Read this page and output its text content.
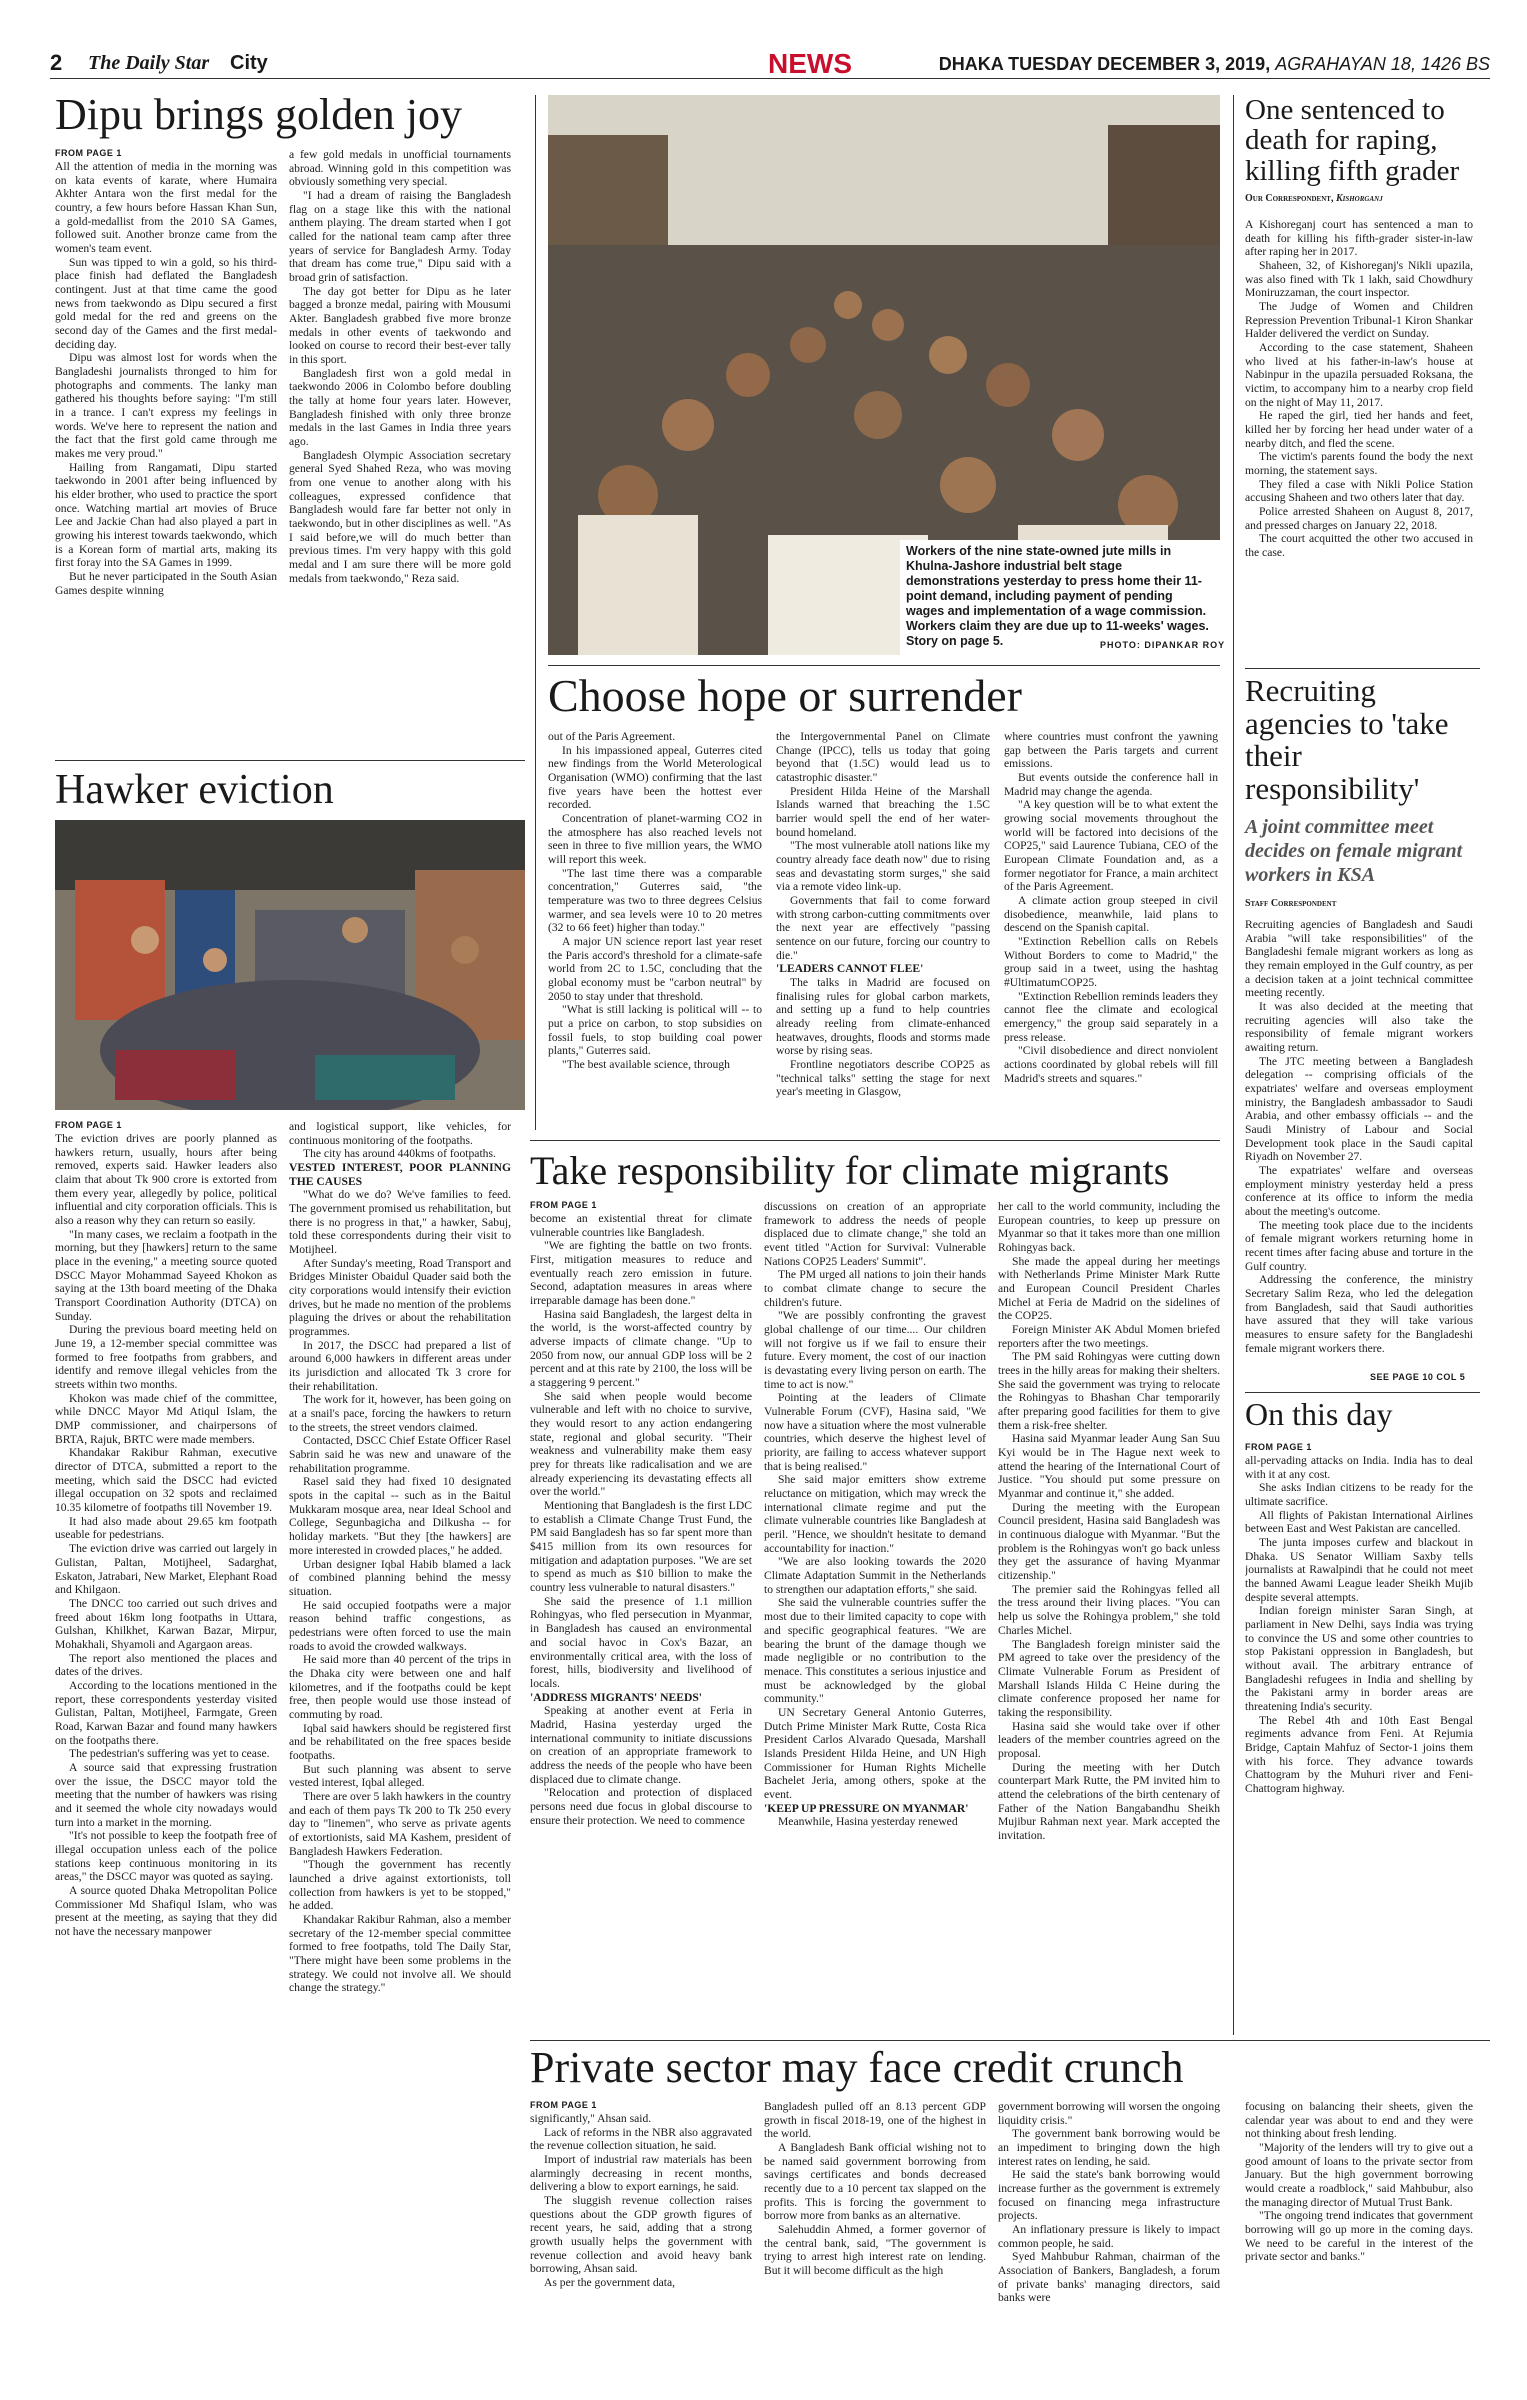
2 The Daily Star City	NEWS	DHAKA TUESDAY DECEMBER 3, 2019, AGRAHAYAN 18, 1426 BS
Dipu brings golden joy
FROM PAGE 1

All the attention of media in the morning was on kata events of karate, where Humaira Akhter Antara won the first medal for the country, a few hours before Hassan Khan Sun, a gold-medallist from the 2010 SA Games, followed suit. Another bronze came from the women's team event.

Sun was tipped to win a gold, so his third-place finish had deflated the Bangladesh contingent. Just at that time came the good news from taekwondo as Dipu secured a first gold medal for the red and greens on the second day of the Games and the first medal-deciding day.

Dipu was almost lost for words when the Bangladeshi journalists thronged to him for photographs and comments. The lanky man gathered his thoughts before saying: "I'm still in a trance. I can't express my feelings in words. We've here to represent the nation and the fact that the first gold came through me makes me very proud."

Hailing from Rangamati, Dipu started taekwondo in 2001 after being influenced by his elder brother, who used to practice the sport once. Watching martial art movies of Bruce Lee and Jackie Chan had also played a part in growing his interest towards taekwondo, which is a Korean form of martial arts, making its first foray into the SA Games in 1999.

But he never participated in the South Asian Games despite winning

a few gold medals in unofficial tournaments abroad. Winning gold in this competition was obviously something very special.

"I had a dream of raising the Bangladesh flag on a stage like this with the national anthem playing. The dream started when I got called for the national team camp after three years of service for Bangladesh Army. Today that dream has come true," Dipu said with a broad grin of satisfaction.

The day got better for Dipu as he later bagged a bronze medal, pairing with Mousumi Akter. Bangladesh grabbed five more bronze medals in other events of taekwondo and looked on course to record their best-ever tally in this sport.

Bangladesh first won a gold medal in taekwondo 2006 in Colombo before doubling the tally at home four years later. However, Bangladesh finished with only three bronze medals in the last Games in India three years ago.

Bangladesh Olympic Association secretary general Syed Shahed Reza, who was moving from one venue to another along with his colleagues, expressed confidence that Bangladesh would fare far better not only in taekwondo, but in other disciplines as well. "As I said before,we will do much better than previous times. I'm very happy with this gold medal and I am sure there will be more gold medals from taekwondo," Reza said.

Hawker eviction
FROM PAGE 1

The eviction drives are poorly planned as hawkers return, usually, hours after being removed, experts said. Hawker leaders also claim that about Tk 900 crore is extorted from them every year, allegedly by police, political influential and city corporation officials. This is also a reason why they can return so easily.

"In many cases, we reclaim a footpath in the morning, but they [hawkers] return to the same place in the evening," a meeting source quoted DSCC Mayor Mohammad Sayeed Khokon as saying at the 13th board meeting of the Dhaka Transport Coordination Authority (DTCA) on Sunday.

During the previous board meeting held on June 19, a 12-member special committee was formed to free footpaths from grabbers, and identify and remove illegal vehicles from the streets within two months.

Khokon was made chief of the committee, while DNCC Mayor Md Atiqul Islam, the DMP commissioner, and chairpersons of BRTA, Rajuk, BRTC were made members.

Khandakar Rakibur Rahman, executive director of DTCA, submitted a report to the meeting, which said the DSCC had evicted illegal occupation on 32 spots and reclaimed 10.35 kilometre of footpaths till November 19.

It had also made about 29.65 km footpath useable for pedestrians.

The eviction drive was carried out largely in Gulistan, Paltan, Motijheel, Sadarghat, Eskaton, Jatrabari, New Market, Elephant Road and Khilgaon.

The DNCC too carried out such drives and freed about 16km long footpaths in Uttara, Gulshan, Khilkhet, Karwan Bazar, Mirpur, Mohakhali, Shyamoli and Agargaon areas.

The report also mentioned the places and dates of the drives.

According to the locations mentioned in the report, these correspondents yesterday visited Gulistan, Paltan, Motijheel, Farmgate, Green Road, Karwan Bazar and found many hawkers on the footpaths there.

The pedestrian's suffering was yet to cease.

A source said that expressing frustration over the issue, the DSCC mayor told the meeting that the number of hawkers was rising and it seemed the whole city nowadays would turn into a market in the morning.

"It's not possible to keep the footpath free of illegal occupation unless each of the police stations keep continuous monitoring in its areas," the DSCC mayor was quoted as saying.

A source quoted Dhaka Metropolitan Police Commissioner Md Shafiqul Islam, who was present at the meeting, as saying that they did not have the necessary manpower

and logistical support, like vehicles, for continuous monitoring of the footpaths.

The city has around 440kms of footpaths.

VESTED INTEREST, POOR PLANNING THE CAUSES

"What do we do? We've families to feed. The government promised us rehabilitation, but there is no progress in that," a hawker, Sabuj, told these correspondents during their visit to Motijheel.

After Sunday's meeting, Road Transport and Bridges Minister Obaidul Quader said both the city corporations would intensify their eviction drives, but he made no mention of the problems plaguing the drives or about the rehabilitation programmes.

In 2017, the DSCC had prepared a list of around 6,000 hawkers in different areas under its jurisdiction and allocated Tk 3 crore for their rehabilitation.

The work for it, however, has been going on at a snail's pace, forcing the hawkers to return to the streets, the street vendors claimed.

Contacted, DSCC Chief Estate Officer Rasel Sabrin said he was new and unaware of the rehabilitation programme.

Rasel said they had fixed 10 designated spots in the capital -- such as in the Baitul Mukkaram mosque area, near Ideal School and College, Segunbagicha and Dilkusha -- for holiday markets. "But they [the hawkers] are more interested in crowded places," he added.

Urban designer Iqbal Habib blamed a lack of combined planning behind the messy situation.

He said occupied footpaths were a major reason behind traffic congestions, as pedestrians were often forced to use the main roads to avoid the crowded walkways.

He said more than 40 percent of the trips in the Dhaka city were between one and half kilometres, and if the footpaths could be kept free, then people would use those instead of commuting by road.

Iqbal said hawkers should be registered first and be rehabilitated on the free spaces beside footpaths.

But such planning was absent to serve vested interest, Iqbal alleged.

There are over 5 lakh hawkers in the country and each of them pays Tk 200 to Tk 250 every day to "linemen", who serve as private agents of extortionists, said MA Kashem, president of Bangladesh Hawkers Federation.

"Though the government has recently launched a drive against extortionists, toll collection from hawkers is yet to be stopped," he added.

Khandakar Rakibur Rahman, also a member secretary of the 12-member special committee formed to free footpaths, told The Daily Star, "There might have been some problems in the strategy. We could not involve all. We should change the strategy."

Workers of the nine state-owned jute mills in Khulna-Jashore industrial belt stage demonstrations yesterday to press home their 11-point demand, including payment of pending wages and implementation of a wage commission. Workers claim they are due up to 11-weeks' wages. Story on page 5.	PHOTO: DIPANKAR ROY
Choose hope or surrender

out of the Paris Agreement.

In his impassioned appeal, Guterres cited new findings from the World Meterological Organisation (WMO) confirming that the last five years have been the hottest ever recorded.

Concentration of planet-warming CO2 in the atmosphere has also reached levels not seen in three to five million years, the WMO will report this week.

"The last time there was a comparable concentration," Guterres said, "the temperature was two to three degrees Celsius warmer, and sea levels were 10 to 20 metres (32 to 66 feet) higher than today."

A major UN science report last year reset the Paris accord's threshold for a climate-safe world from 2C to 1.5C, concluding that the global economy must be "carbon neutral" by 2050 to stay under that threshold.

"What is still lacking is political will -- to put a price on carbon, to stop subsidies on fossil fuels, to stop building coal power plants," Guterres said.

"The best available science, through

the Intergovernmental Panel on Climate Change (IPCC), tells us today that going beyond that (1.5C) would lead us to catastrophic disaster."

President Hilda Heine of the Marshall Islands warned that breaching the 1.5C barrier would spell the end of her water-bound homeland.

"The most vulnerable atoll nations like my country already face death now" due to rising seas and devastating storm surges," she said via a remote video link-up.

Governments that fail to come forward with strong carbon-cutting commitments over the next year are effectively "passing sentence on our future, forcing our country to die."

'LEADERS CANNOT FLEE'

The talks in Madrid are focused on finalising rules for global carbon markets, and setting up a fund to help countries already reeling from climate-enhanced heatwaves, droughts, floods and storms made worse by rising seas.

Frontline negotiators describe COP25 as "technical talks" setting the stage for next year's meeting in Glasgow,

where countries must confront the yawning gap between the Paris targets and current emissions.

But events outside the conference hall in Madrid may change the agenda.

"A key question will be to what extent the growing social movements throughout the world will be factored into decisions of the COP25," said Laurence Tubiana, CEO of the European Climate Foundation and, as a former negotiator for France, a main architect of the Paris Agreement.

A climate action group steeped in civil disobedience, meanwhile, laid plans to descend on the Spanish capital.

"Extinction Rebellion calls on Rebels Without Borders to come to Madrid," the group said in a tweet, using the hashtag #UltimatumCOP25.

"Extinction Rebellion reminds leaders they cannot flee the climate and ecological emergency," the group said separately in a press release.

"Civil disobedience and direct nonviolent actions coordinated by global rebels will fill Madrid's streets and squares."

Take responsibility for climate migrants
FROM PAGE 1

become an existential threat for climate vulnerable countries like Bangladesh.

"We are fighting the battle on two fronts. First, mitigation measures to reduce and eventually reach zero emission in future. Second, adaptation measures in areas where irreparable damage has been done."

Hasina said Bangladesh, the largest delta in the world, is the worst-affected country by adverse impacts of climate change. "Up to 2050 from now, our annual GDP loss will be 2 percent and at this rate by 2100, the loss will be a staggering 9 percent."

She said when people would become vulnerable and left with no choice to survive, they would resort to any action endangering state, regional and global security. "Their weakness and vulnerability make them easy prey for threats like radicalisation and we are already experiencing its devastating effects all over the world."

Mentioning that Bangladesh is the first LDC to establish a Climate Change Trust Fund, the PM said Bangladesh has so far spent more than $415 million from its own resources for mitigation and adaptation purposes. "We are set to spend as much as $10 billion to make the country less vulnerable to natural disasters."

She said the presence of 1.1 million Rohingyas, who fled persecution in Myanmar, in Bangladesh has caused an environmental and social havoc in Cox's Bazar, an environmentally critical area, with the loss of forest, hills, biodiversity and livelihood of locals.

'ADDRESS MIGRANTS' NEEDS'

Speaking at another event at Feria in Madrid, Hasina yesterday urged the international community to initiate discussions on creation of an appropriate framework to address the needs of the people who have been displaced due to climate change.

"Relocation and protection of displaced persons need due focus in global discourse to ensure their protection. We need to commence

discussions on creation of an appropriate framework to address the needs of people displaced due to climate change," she told an event titled "Action for Survival: Vulnerable Nations COP25 Leaders' Summit".

The PM urged all nations to join their hands to combat climate change to secure the children's future.

"We are possibly confronting the gravest global challenge of our time.... Our children will not forgive us if we fail to ensure their future. Every moment, the cost of our inaction is devastating every living person on earth. The time to act is now."

Pointing at the leaders of Climate Vulnerable Forum (CVF), Hasina said, "We now have a situation where the most vulnerable countries, which deserve the highest level of priority, are failing to access whatever support that is being realised."

She said major emitters show extreme reluctance on mitigation, which may wreck the international climate regime and put the climate vulnerable countries like Bangladesh at peril. "Hence, we shouldn't hesitate to demand accountability for inaction."

"We are also looking towards the 2020 Climate Adaptation Summit in the Netherlands to strengthen our adaptation efforts," she said.

She said the vulnerable countries suffer the most due to their limited capacity to cope with and specific geographical features. "We are bearing the brunt of the damage though we made negligible or no contribution to the menace. This constitutes a serious injustice and must be acknowledged by the global community."

UN Secretary General Antonio Guterres, Dutch Prime Minister Mark Rutte, Costa Rica President Carlos Alvarado Quesada, Marshall Islands President Hilda Heine, and UN High Commissioner for Human Rights Michelle Bachelet Jeria, among others, spoke at the event.

'KEEP UP PRESSURE ON MYANMAR'

Meanwhile, Hasina yesterday renewed

her call to the world community, including the European countries, to keep up pressure on Myanmar so that it takes more than one million Rohingyas back.

She made the appeal during her meetings with Netherlands Prime Minister Mark Rutte and European Council President Charles Michel at Feria de Madrid on the sidelines of the COP25.

Foreign Minister AK Abdul Momen briefed reporters after the two meetings.

The PM said Rohingyas were cutting down trees in the hilly areas for making their shelters. She said the government was trying to relocate the Rohingyas to Bhashan Char temporarily after preparing good facilities for them to give them a risk-free shelter.

Hasina said Myanmar leader Aung San Suu Kyi would be in The Hague next week to attend the hearing of the International Court of Justice. "You should put some pressure on Myanmar and continue it," she added.

During the meeting with the European Council president, Hasina said Bangladesh was in continuous dialogue with Myanmar. "But the problem is the Rohingyas won't go back unless they get the assurance of having Myanmar citizenship."

The premier said the Rohingyas felled all the tress around their living places. "You can help us solve the Rohingya problem," she told Charles Michel.

The Bangladesh foreign minister said the PM agreed to take over the presidency of the Climate Vulnerable Forum as President of Marshall Islands Hilda C Heine during the climate conference proposed her name for taking the responsibility.

Hasina said she would take over if other leaders of the member countries agreed on the proposal.

During the meeting with her Dutch counterpart Mark Rutte, the PM invited him to attend the celebrations of the birth centenary of Father of the Nation Bangabandhu Sheikh Mujibur Rahman next year. Mark accepted the invitation.

Private sector may face credit crunch
FROM PAGE 1

significantly," Ahsan said.

Lack of reforms in the NBR also aggravated the revenue collection situation, he said.

Import of industrial raw materials has been alarmingly decreasing in recent months, delivering a blow to export earnings, he said.

The sluggish revenue collection raises questions about the GDP growth figures of recent years, he said, adding that a strong growth usually helps the government with revenue collection and avoid heavy bank borrowing, Ahsan said.

As per the government data,

Bangladesh pulled off an 8.13 percent GDP growth in fiscal 2018-19, one of the highest in the world.

A Bangladesh Bank official wishing not to be named said government borrowing from savings certificates and bonds decreased recently due to a 10 percent tax slapped on the profits. This is forcing the government to borrow more from banks as an alternative.

Salehuddin Ahmed, a former governor of the central bank, said, "The government is trying to arrest high interest rate on lending. But it will become difficult as the high

government borrowing will worsen the ongoing liquidity crisis."

The government bank borrowing would be an impediment to bringing down the high interest rates on lending, he said.

He said the state's bank borrowing would increase further as the government is extremely focused on financing mega infrastructure projects.

An inflationary pressure is likely to impact common people, he said.

Syed Mahbubur Rahman, chairman of the Association of Bankers, Bangladesh, a forum of private banks' managing directors, said banks were

focusing on balancing their sheets, given the calendar year was about to end and they were not thinking about fresh lending.

"Majority of the lenders will try to give out a good amount of loans to the private sector from January. But the high government borrowing would create a roadblock," said Mahbubur, also the managing director of Mutual Trust Bank.

"The ongoing trend indicates that government borrowing will go up more in the coming days. We need to be careful in the interest of the private sector and banks."

One sentenced to death for raping, killing fifth grader
Our Correspondent, Kishorganj

A Kishoreganj court has sentenced a man to death for killing his fifth-grader sister-in-law after raping her in 2017.

Shaheen, 32, of Kishoreganj's Nikli upazila, was also fined with Tk 1 lakh, said Chowdhury Moniruzzaman, the court inspector.

The Judge of Women and Children Repression Prevention Tribunal-1 Kiron Shankar Halder delivered the verdict on Sunday.

According to the case statement, Shaheen who lived at his father-in-law's house at Nabinpur in the upazila persuaded Roksana, the victim, to accompany him to a nearby crop field on the night of May 11, 2017.

He raped the girl, tied her hands and feet, killed her by forcing her head under water of a nearby ditch, and fled the scene.

The victim's parents found the body the next morning, the statement says.

They filed a case with Nikli Police Station accusing Shaheen and two others later that day.

Police arrested Shaheen on August 8, 2017, and pressed charges on January 22, 2018.

The court acquitted the other two accused in the case.

Recruiting agencies to 'take their responsibility'
A joint committee meet decides on female migrant workers in KSA
Staff Correspondent

Recruiting agencies of Bangladesh and Saudi Arabia "will take responsibilities" of the Bangladeshi female migrant workers as long as they remain employed in the Gulf country, as per a decision taken at a joint technical committee meeting recently.

It was also decided at the meeting that recruiting agencies will also take the responsibility of female migrant workers awaiting return.

The JTC meeting between a Bangladesh delegation -- comprising officials of the expatriates' welfare and overseas employment ministry, the Bangladesh ambassador to Saudi Arabia, and other embassy officials -- and the Saudi Ministry of Labour and Social Development took place in the Saudi capital Riyadh on November 27.

The expatriates' welfare and overseas employment ministry yesterday held a press conference at its office to inform the media about the meeting's outcome.

The meeting took place due to the incidents of female migrant workers returning home in recent times after facing abuse and torture in the Gulf country.

Addressing the conference, the ministry Secretary Salim Reza, who led the delegation from Bangladesh, said that Saudi authorities have assured that they will take various measures to ensure safety for the Bangladeshi female migrant workers there.

SEE PAGE 10 COL 5
On this day
FROM PAGE 1

all-pervading attacks on India. India has to deal with it at any cost.

She asks Indian citizens to be ready for the ultimate sacrifice.

All flights of Pakistan International Airlines between East and West Pakistan are cancelled.

The junta imposes curfew and blackout in Dhaka. US Senator William Saxby tells journalists at Rawalpindi that he could not meet the banned Awami League leader Sheikh Mujib despite several attempts.

Indian foreign minister Saran Singh, at parliament in New Delhi, says India was trying to convince the US and some other countries to stop Pakistani oppression in Bangladesh, but without avail. The arbitrary entrance of Bangladeshi refugees in India and shelling by the Pakistani army in border areas are threatening India's security.

The Rebel 4th and 10th East Bengal regiments advance from Feni. At Rejumia Bridge, Captain Mahfuz of Sector-1 joins them with his force. They advance towards Chattogram by the Muhuri river and Feni-Chattogram highway.
